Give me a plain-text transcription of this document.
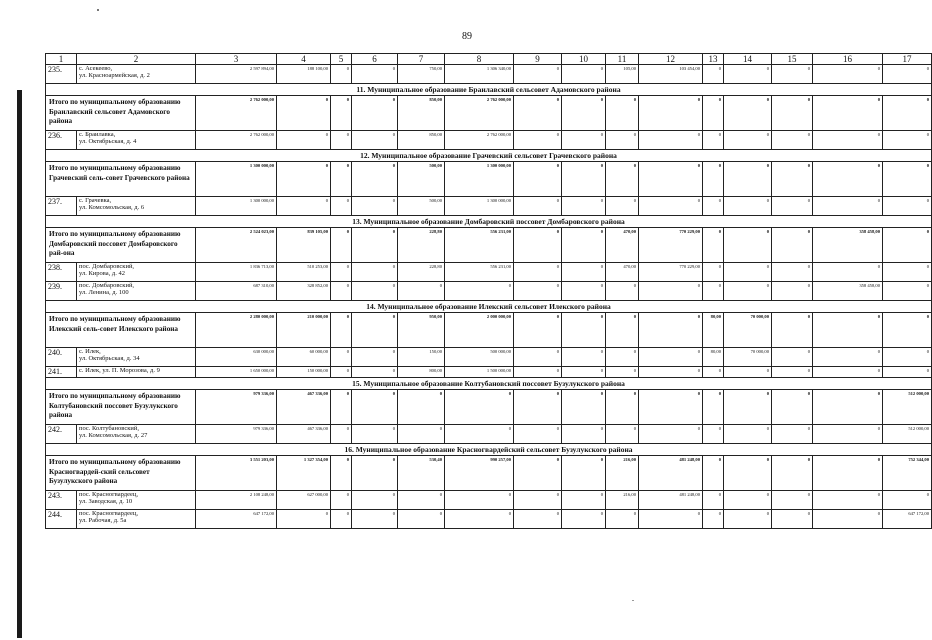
89
1	2	3	4	5	6	7	8	9	10	11	12	13	14	15	16	17
235.	с. Асекеево,
ул. Красноармейская, д. 2	2 597 894,00	188 100,00	0	0	750,00	1 306 340,00	0	0	105,00	103 454,00	0	0	0	0	0
11. Муниципальное образование Браилавский сельсовет Адамовского района																
Итого по муниципальному образованию Браилавский сельсовет Адамовского района		2 762 000,00	0	0	0	850,00	2 762 000,00	0	0	0	0	0	0	0	0	0
236.	с. Браилавка,
ул. Октябрьская, д. 4	2 762 000,00	0	0	0	850,00	2 762 000,00	0	0	0	0	0	0	0	0	0
12. Муниципальное образование Грачевский сельсовет Грачевского района																
Итого по муниципальному образованию Грачевский сель-совет Грачевского района		1 300 000,00	0	0	0	500,00	1 300 000,00	0	0	0	0	0	0	0	0	0
237.	с. Грачевка,
ул. Комсомольская, д. 6	1 300 000,00	0	0	0	500,00	1 300 000,00	0	0	0	0	0	0	0	0	0
13. Муниципальное образование Домбаровский поссовет Домбаровского района																
Итого по муниципальному образованию Домбаровский поссовет Домбаровского рай-она		2 524 023,00	839 105,00	0	0	228,80	556 231,00	0	0	470,00	770 229,00	0	0	0	358 458,00	0
238.	пос. Домбаровский,
ул. Кирова, д. 42	1 836 713,00	510 253,00	0	0	228,80	556 231,00	0	0	470,00	770 229,00	0	0	0	0	0
239.	пос. Домбаровский,
ул. Ленина, д. 100	687 310,00	328 852,00	0	0	0	0	0	0	0	0	0	0	0	358 458,00	0
14. Муниципальное образование Илекский сельсовет Илекского района																
Итого по муниципальному образованию Илекский сель-совет Илекского района		2 280 000,00	210 000,00	0	0	950,00	2 000 000,00	0	0	0	0	80,00	70 000,00	0	0	0
240.	с. Илек,
ул. Октябрьская, д. 34	630 000,00	60 000,00	0	0	150,00	500 000,00	0	0	0	0	80,00	70 000,00	0	0	0
241.	с. Илек, ул. П. Морозова, д. 9	1 650 000,00	150 000,00	0	0	800,00	1 500 000,00	0	0	0	0	0	0	0	0	0
15. Муниципальное образование Колтубановский поссовет Бузулукского района																
Итого по муниципальному образованию Колтубановский поссовет Бузулукского района		979 336,00	467 336,00	0	0	0	0	0	0	0	0	0	0	0	0	512 000,00
242.	пос. Колтубановский,
ул. Комсомольская, д. 27	979 336,00	467 336,00	0	0	0	0	0	0	0	0	0	0	0	0	512 000,00
16. Муниципальное образование Красногвардейский сельсовет Бузулукского района																
Итого по муниципальному образованию Красногвардей-ский сельсовет Бузулукского района		3 551 203,00	1 327 354,00	0	0	530,40	990 257,00	0	0	216,00	481 248,00	0	0	0	0	752 344,00
243.	пос. Красногвардеец,
ул. Заводская, д. 10	2 108 248,00	627 000,00	0	0	0	0	0	0	216,00	481 248,00	0	0	0	0	0
244.	пос. Красногвардеец,
ул. Рабочая, д. 5а	647 172,00	0	0	0	0	0	0	0	0	0	0	0	0	0	647 172,00
